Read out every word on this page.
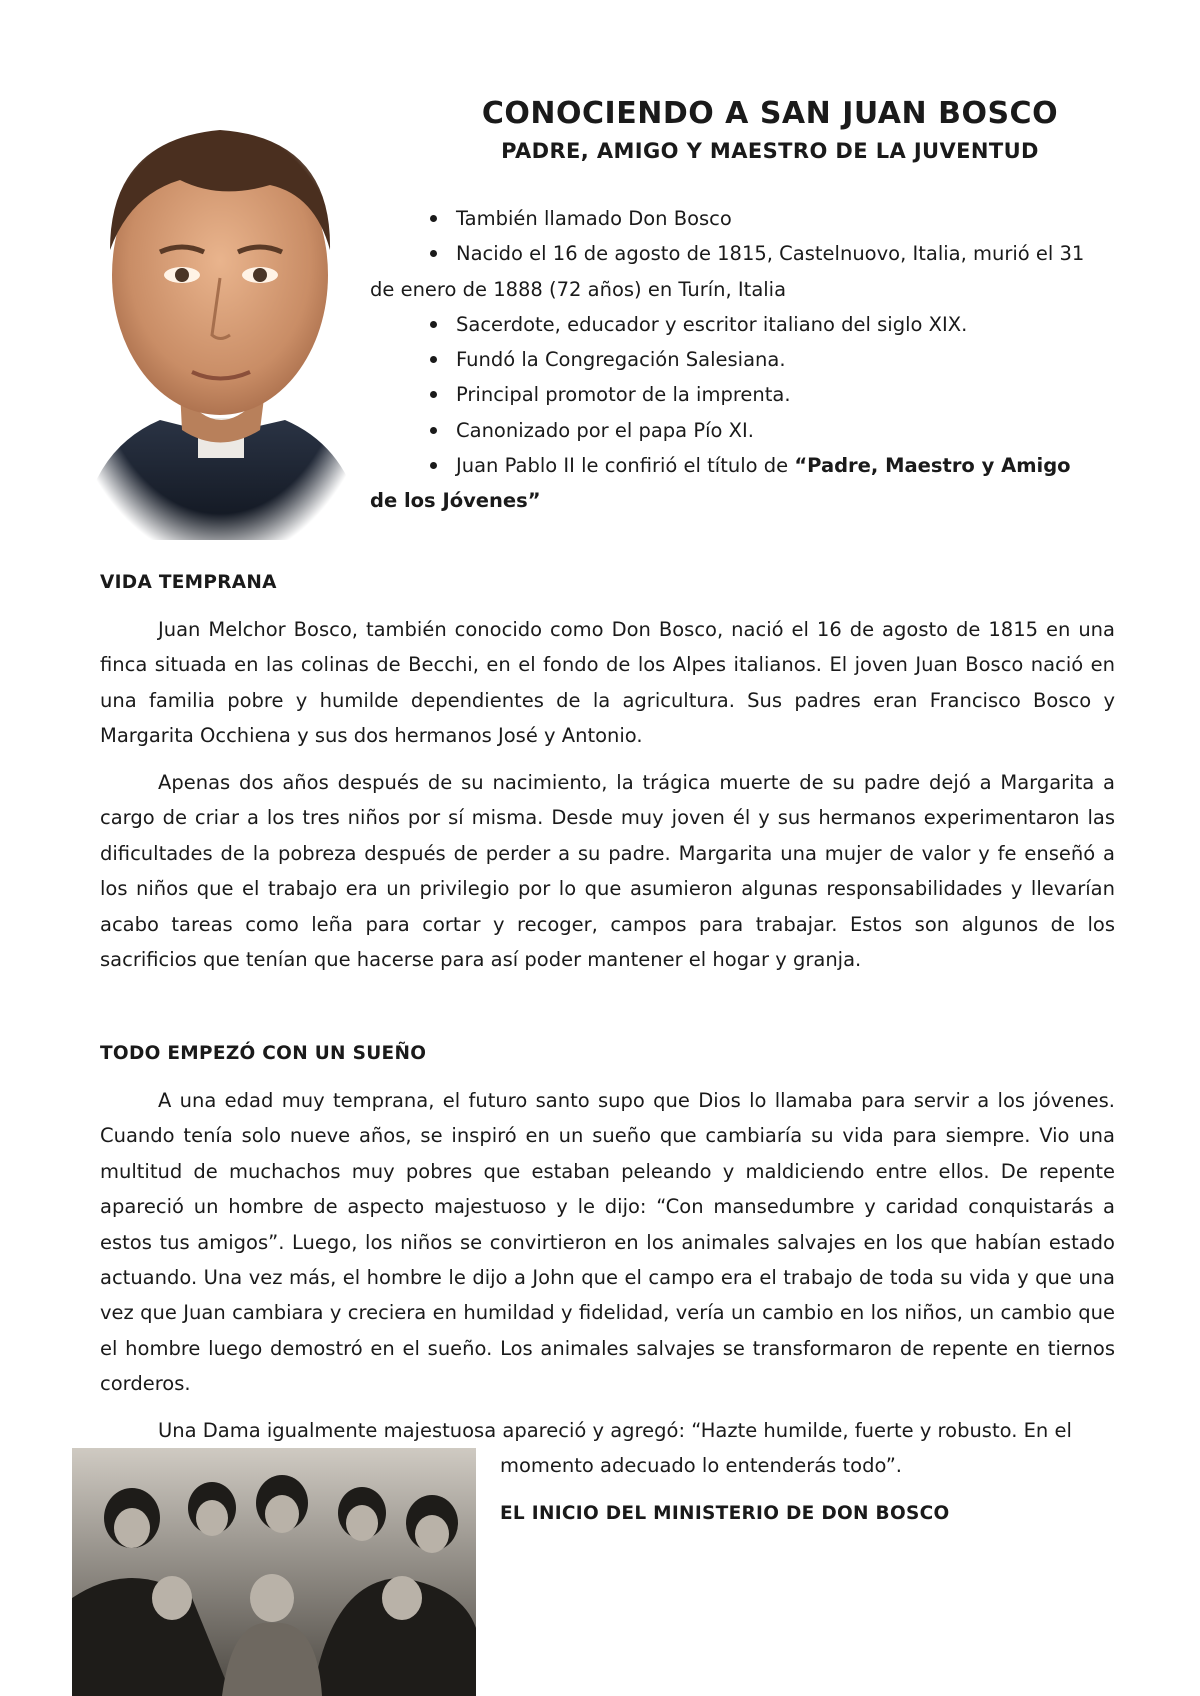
CONOCIENDO A SAN JUAN BOSCO
PADRE, AMIGO Y MAESTRO DE LA JUVENTUD
También llamado Don Bosco
Nacido el 16 de agosto de 1815, Castelnuovo, Italia, murió el 31 de enero de 1888 (72 años) en Turín, Italia
Sacerdote, educador y escritor italiano del siglo XIX.
Fundó la Congregación Salesiana.
Principal promotor de la imprenta.
Canonizado por el papa Pío XI.
Juan Pablo II le confirió el título de “Padre, Maestro y Amigo de los Jóvenes”
VIDA TEMPRANA

Juan Melchor Bosco, también conocido como Don Bosco, nació el 16 de agosto de 1815 en una finca situada en las colinas de Becchi, en el fondo de los Alpes italianos. El joven Juan Bosco nació en una familia pobre y humilde dependientes de la agricultura. Sus padres eran Francisco Bosco y Margarita Occhiena y sus dos hermanos José y Antonio.

Apenas dos años después de su nacimiento, la trágica muerte de su padre dejó a Margarita a cargo de criar a los tres niños por sí misma. Desde muy joven él y sus hermanos experimentaron las dificultades de la pobreza después de perder a su padre. Margarita una mujer de valor y fe enseñó a los niños que el trabajo era un privilegio por lo que asumieron algunas responsabilidades y llevarían acabo tareas como leña para cortar y recoger, campos para trabajar. Estos son algunos de los sacrificios que tenían que hacerse para así poder mantener el hogar y granja.

TODO EMPEZÓ CON UN SUEÑO

A una edad muy temprana, el futuro santo supo que Dios lo llamaba para servir a los jóvenes. Cuando tenía solo nueve años, se inspiró en un sueño que cambiaría su vida para siempre. Vio una multitud de muchachos muy pobres que estaban peleando y maldiciendo entre ellos. De repente apareció un hombre de aspecto majestuoso y le dijo: “Con mansedumbre y caridad conquistarás a estos tus amigos”. Luego, los niños se convirtieron en los animales salvajes en los que habían estado actuando. Una vez más, el hombre le dijo a John que el campo era el trabajo de toda su vida y que una vez que Juan cambiara y creciera en humildad y fidelidad, vería un cambio en los niños, un cambio que el hombre luego demostró en el sueño. Los animales salvajes se transformaron de repente en tiernos corderos.

Una Dama igualmente majestuosa apareció y agregó: “Hazte humilde, fuerte y robusto. En el

momento adecuado lo entenderás todo”.

EL INICIO DEL MINISTERIO DE DON BOSCO
